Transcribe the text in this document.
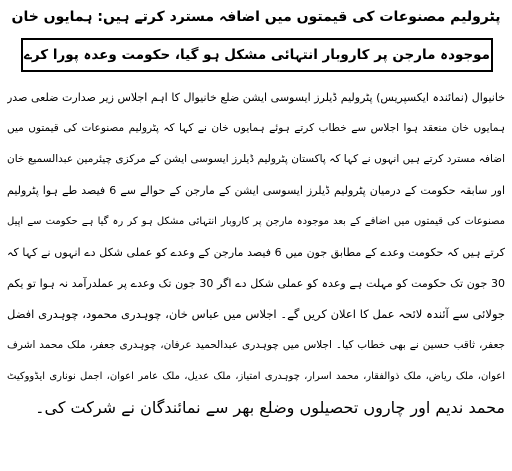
پٹرولیم مصنوعات کی قیمتوں میں اضافہ مسترد کرتے ہیں: ہمایوں خان
موجودہ مارجن پر کاروبار انتہائی مشکل ہو گیا، حکومت وعدہ پورا کرے
خانیوال (نمائندہ ایکسپریس) پٹرولیم ڈیلرز ایسوسی ایشن ضلع خانیوال کا اہم اجلاس زیر صدارت ضلعی صدر
ہمایوں خان منعقد ہوا اجلاس سے خطاب کرتے ہوئے ہمایوں خان نے کہا کہ پٹرولیم مصنوعات کی قیمتوں میں
اضافہ مسترد کرتے ہیں انہوں نے کہا کہ پاکستان پٹرولیم ڈیلرز ایسوسی ایشن کے مرکزی چیئرمین عبدالسمیع خان
اور سابقہ حکومت کے درمیان پٹرولیم ڈیلرز ایسوسی ایشن کے مارجن کے حوالے سے 6 فیصد طے ہوا پٹرولیم
مصنوعات کی قیمتوں میں اضافے کے بعد موجودہ مارجن پر کاروبار انتہائی مشکل ہو کر رہ گیا ہے حکومت سے اپیل
کرتے ہیں کہ حکومت وعدے کے مطابق جون میں 6 فیصد مارجن کے وعدے کو عملی شکل دے انہوں نے کہا کہ
30 جون تک حکومت کو مہلت ہے وعدہ کو عملی شکل دے اگر 30 جون تک وعدے پر عملدرآمد نہ ہوا تو یکم
جولائی سے آئندہ لائحہ عمل کا اعلان کریں گے۔ اجلاس میں عباس خان، چوہدری محمود، چوہدری افضل
جعفر، ثاقب حسین نے بھی خطاب کیا۔ اجلاس میں چوہدری عبدالحمید عرفان، چوہدری جعفر، ملک محمد اشرف
اعوان، ملک ریاض، ملک ذوالفقار، محمد اسرار، چوہدری امتیاز، ملک عدیل، ملک عامر اعوان، اجمل نوناری ایڈووکیٹ
محمد ندیم اور چاروں تحصیلوں وضلع بھر سے نمائندگان نے شرکت کی۔
